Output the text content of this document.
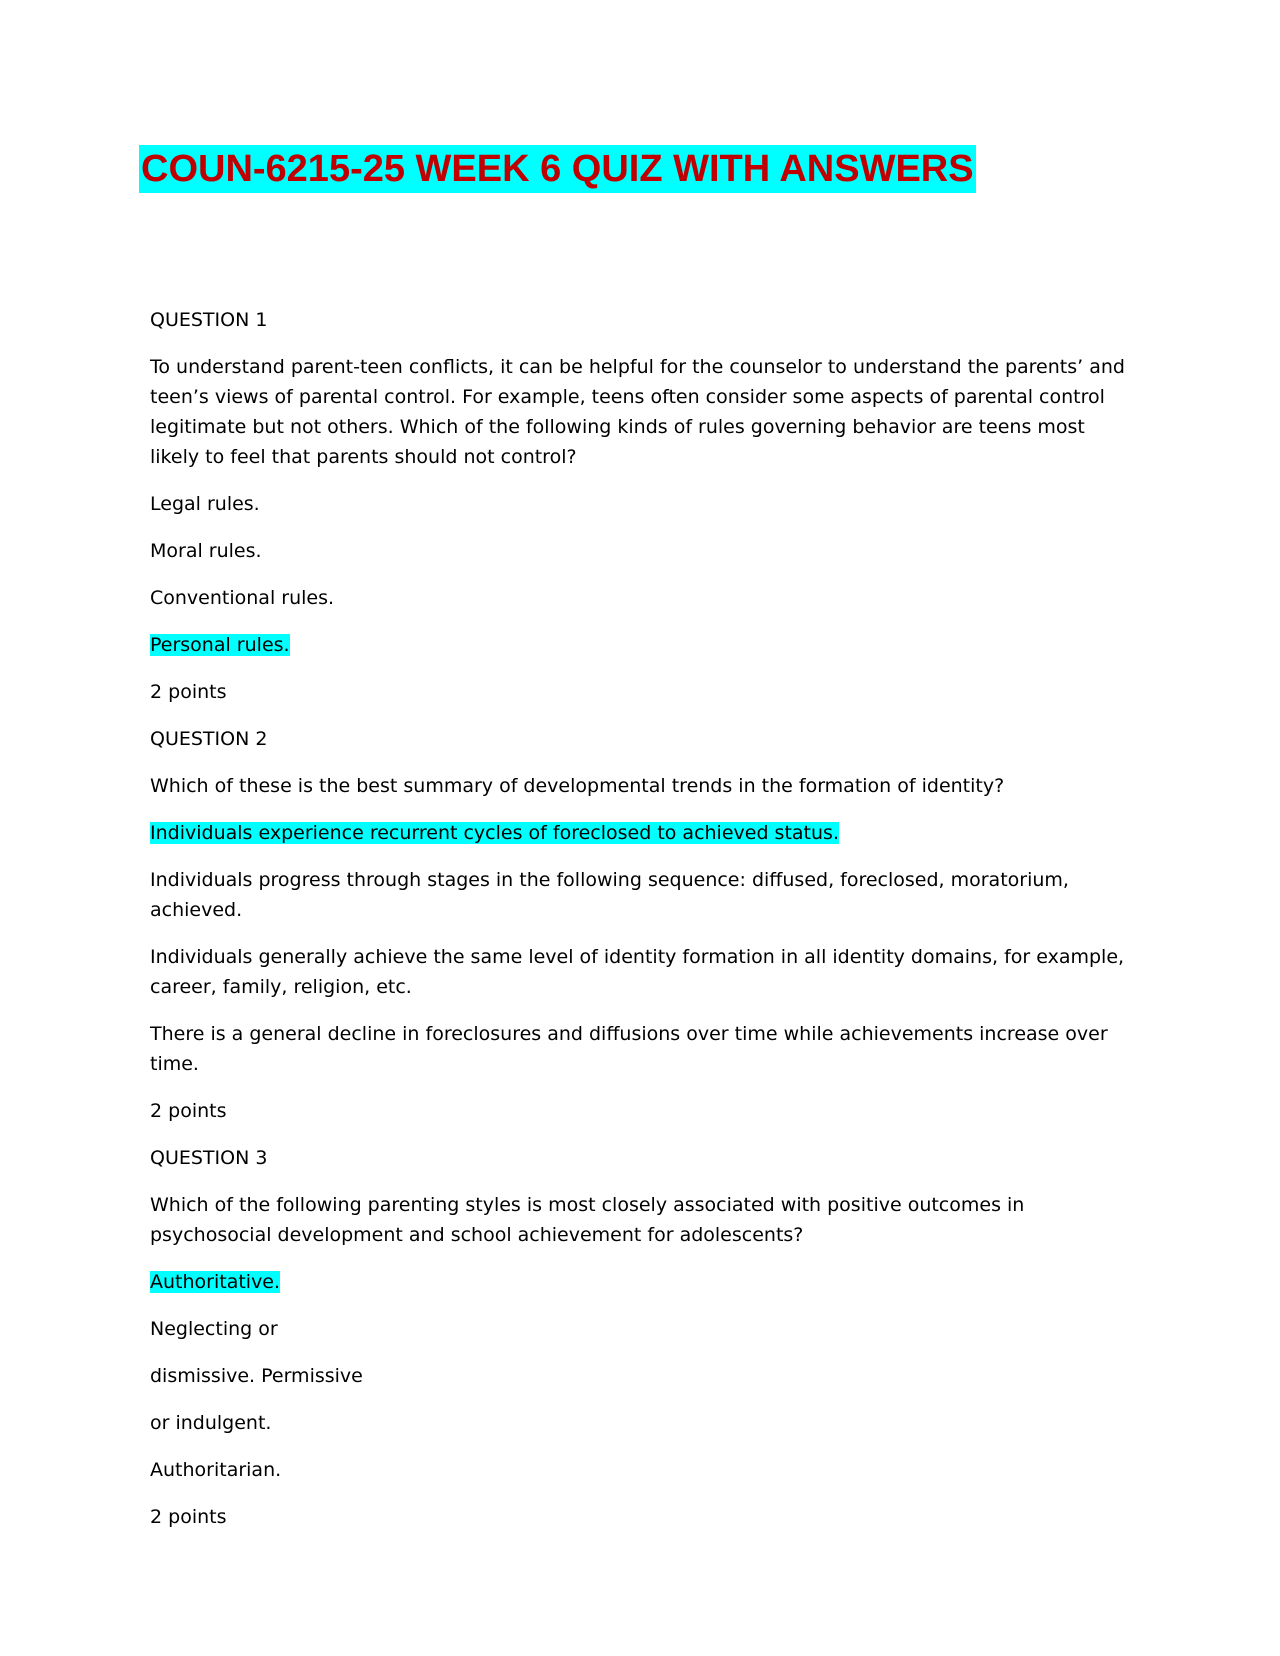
COUN-6215-25 WEEK 6 QUIZ WITH ANSWERS

QUESTION 1

To understand parent-teen conflicts, it can be helpful for the counselor to understand the parents’ and teen’s views of parental control. For example, teens often consider some aspects of parental control legitimate but not others. Which of the following kinds of rules governing behavior are teens most likely to feel that parents should not control?

Legal rules.

Moral rules.

Conventional rules.

Personal rules.

2 points

QUESTION 2

Which of these is the best summary of developmental trends in the formation of identity?

Individuals experience recurrent cycles of foreclosed to achieved status.

Individuals progress through stages in the following sequence: diffused, foreclosed, moratorium, achieved.

Individuals generally achieve the same level of identity formation in all identity domains, for example, career, family, religion, etc.

There is a general decline in foreclosures and diffusions over time while achievements increase over time.

2 points

QUESTION 3

Which of the following parenting styles is most closely associated with positive outcomes in psychosocial development and school achievement for adolescents?

Authoritative.

Neglecting or

dismissive. Permissive

or indulgent.

Authoritarian.

2 points
